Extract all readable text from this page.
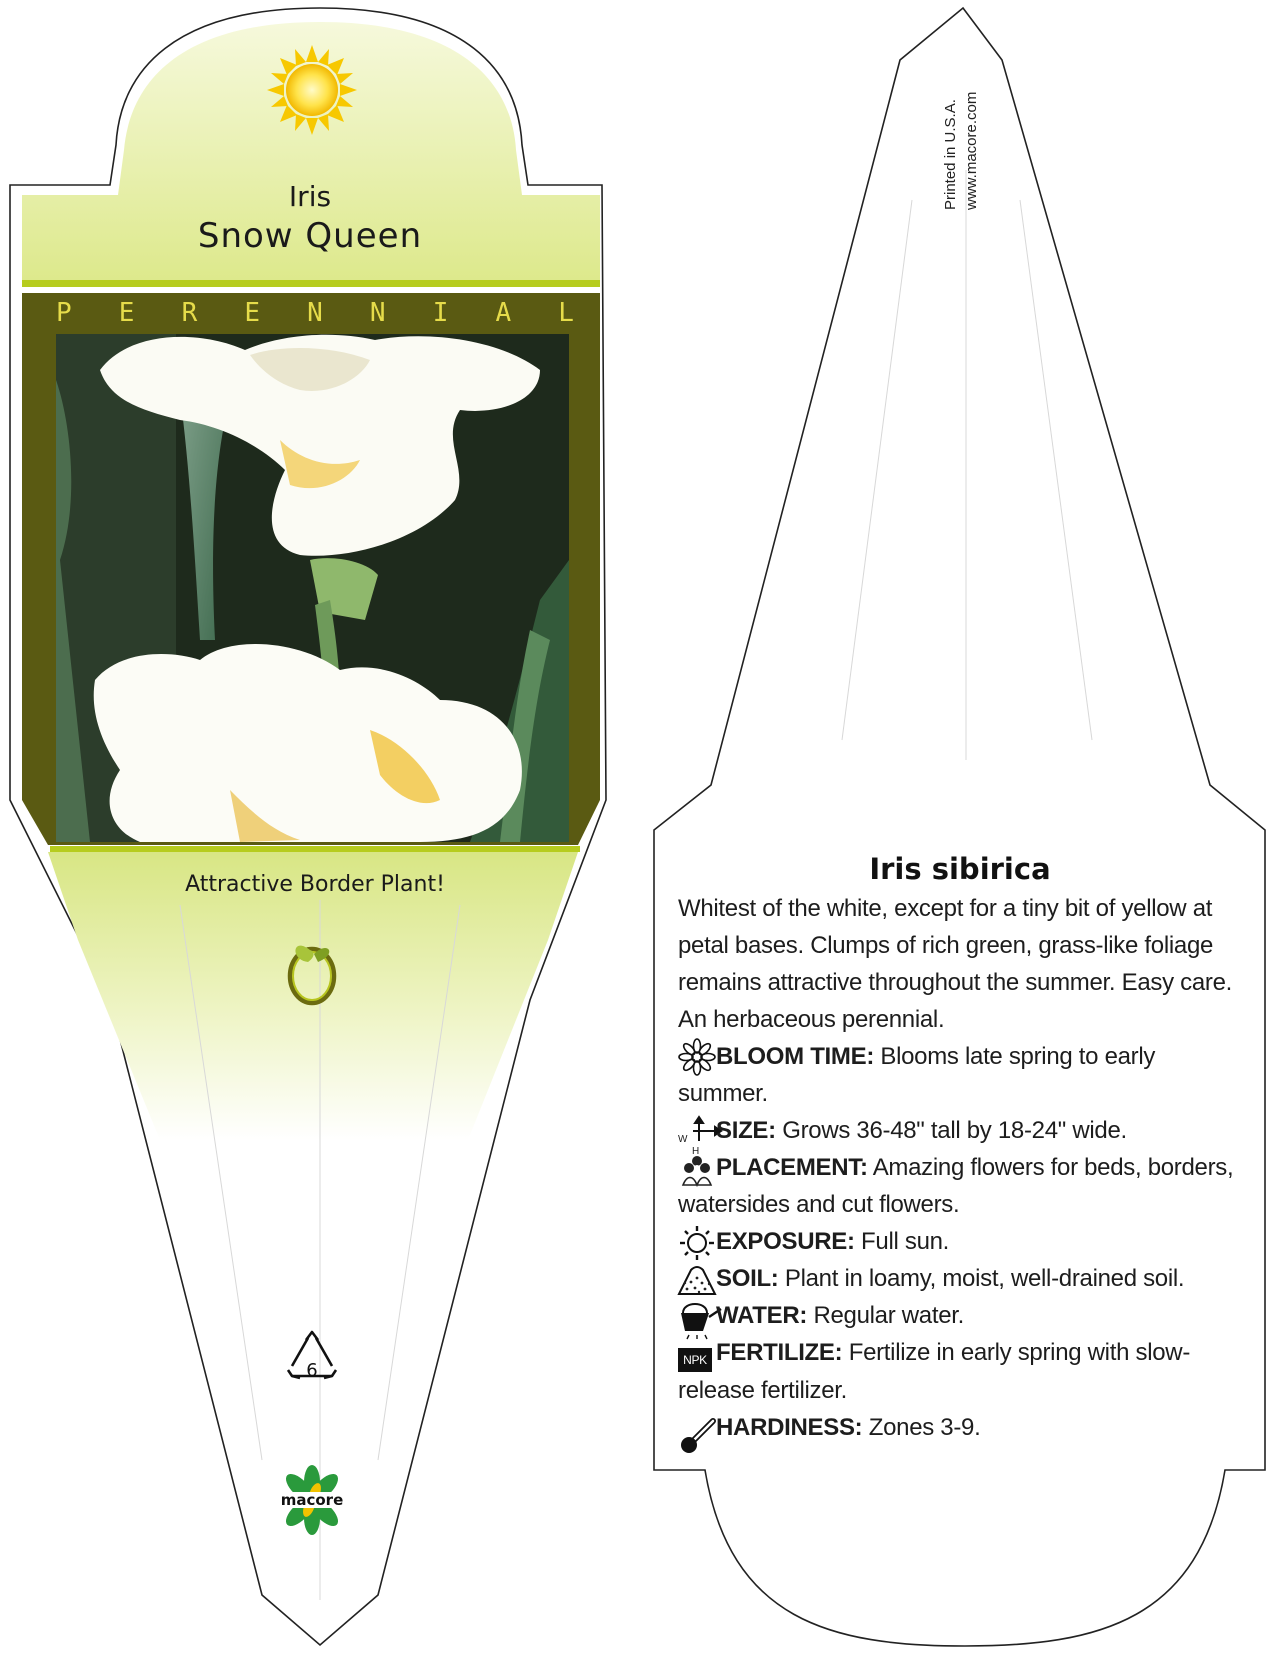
Iris
Snow Queen
P E R E N N I A L
Attractive Border Plant!
6
macore
Printed in U.S.A. www.macore.com
Iris sibirica

Whitest of the white, except for a tiny bit of yellow at petal bases. Clumps of rich green, grass-like foliage remains attractive throughout the summer. Easy care. An herbaceous perennial.

BLOOM TIME: Blooms late spring to early summer.

W
H
SIZE: Grows 36-48" tall by 18-24" wide.

PLACEMENT: Amazing flowers for beds, borders, watersides and cut flowers.

EXPOSURE: Full sun.

SOIL: Plant in loamy, moist, well-drained soil.

WATER: Regular water.

NPK FERTILIZE: Fertilize in early spring with slow-release fertilizer.

HARDINESS: Zones 3-9.
